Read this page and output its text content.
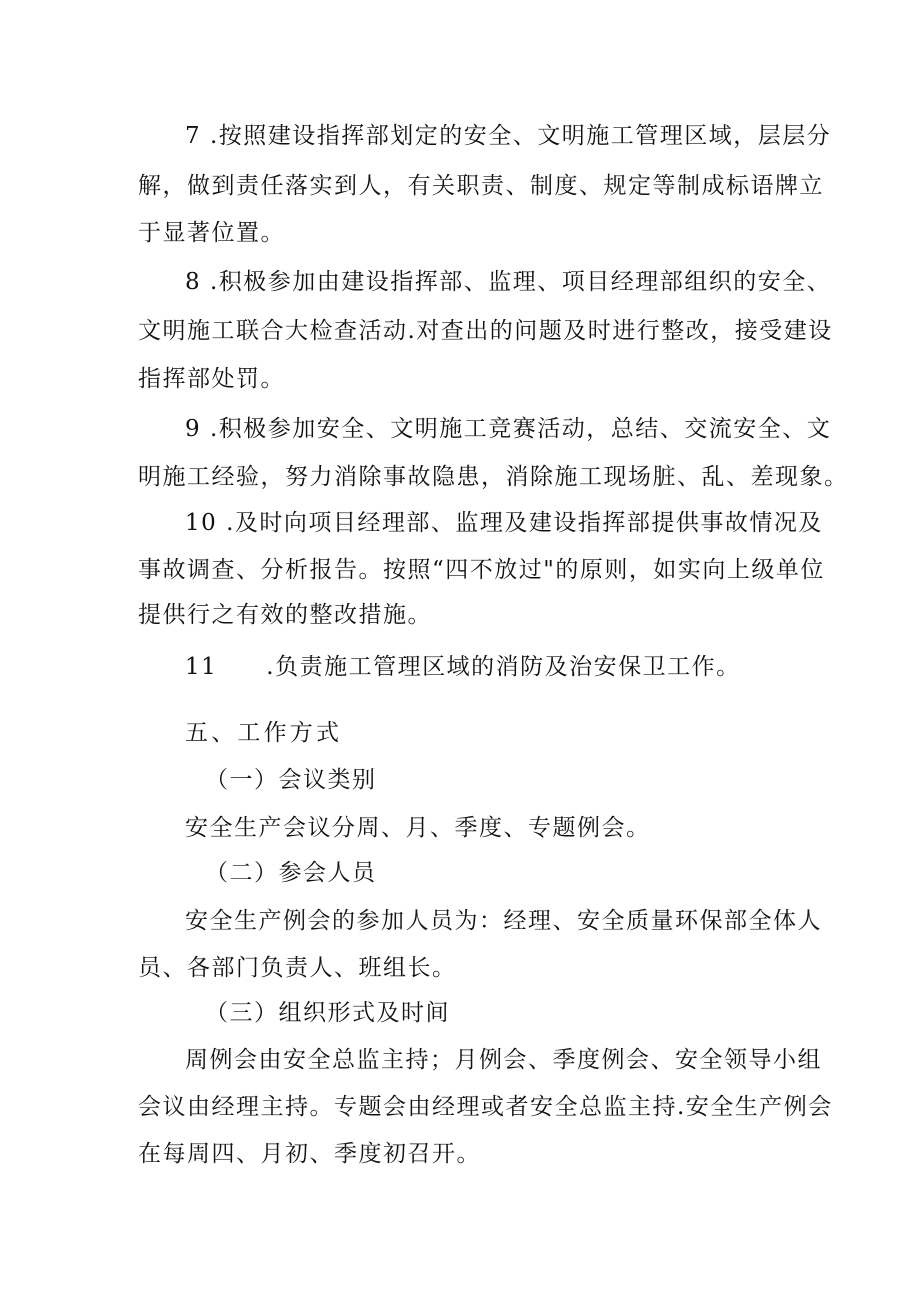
7 .按照建设指挥部划定的安全、文明施工管理区域，层层分
解，做到责任落实到人，有关职责、制度、规定等制成标语牌立
于显著位置。
8 .积极参加由建设指挥部、监理、项目经理部组织的安全、
文明施工联合大检查活动.对查出的问题及时进行整改，接受建设
指挥部处罚。
9 .积极参加安全、文明施工竞赛活动，总结、交流安全、文
明施工经验，努力消除事故隐患，消除施工现场脏、乱、差现象。
10 .及时向项目经理部、监理及建设指挥部提供事故情况及
事故调查、分析报告。按照“四不放过"的原则，如实向上级单位
提供行之有效的整改措施。
11　　.负责施工管理区域的消防及治安保卫工作。
五、工作方式
（一）会议类别
安全生产会议分周、月、季度、专题例会。
（二）参会人员
安全生产例会的参加人员为：经理、安全质量环保部全体人
员、各部门负责人、班组长。
（三）组织形式及时间
周例会由安全总监主持；月例会、季度例会、安全领导小组
会议由经理主持。专题会由经理或者安全总监主持.安全生产例会
在每周四、月初、季度初召开。
